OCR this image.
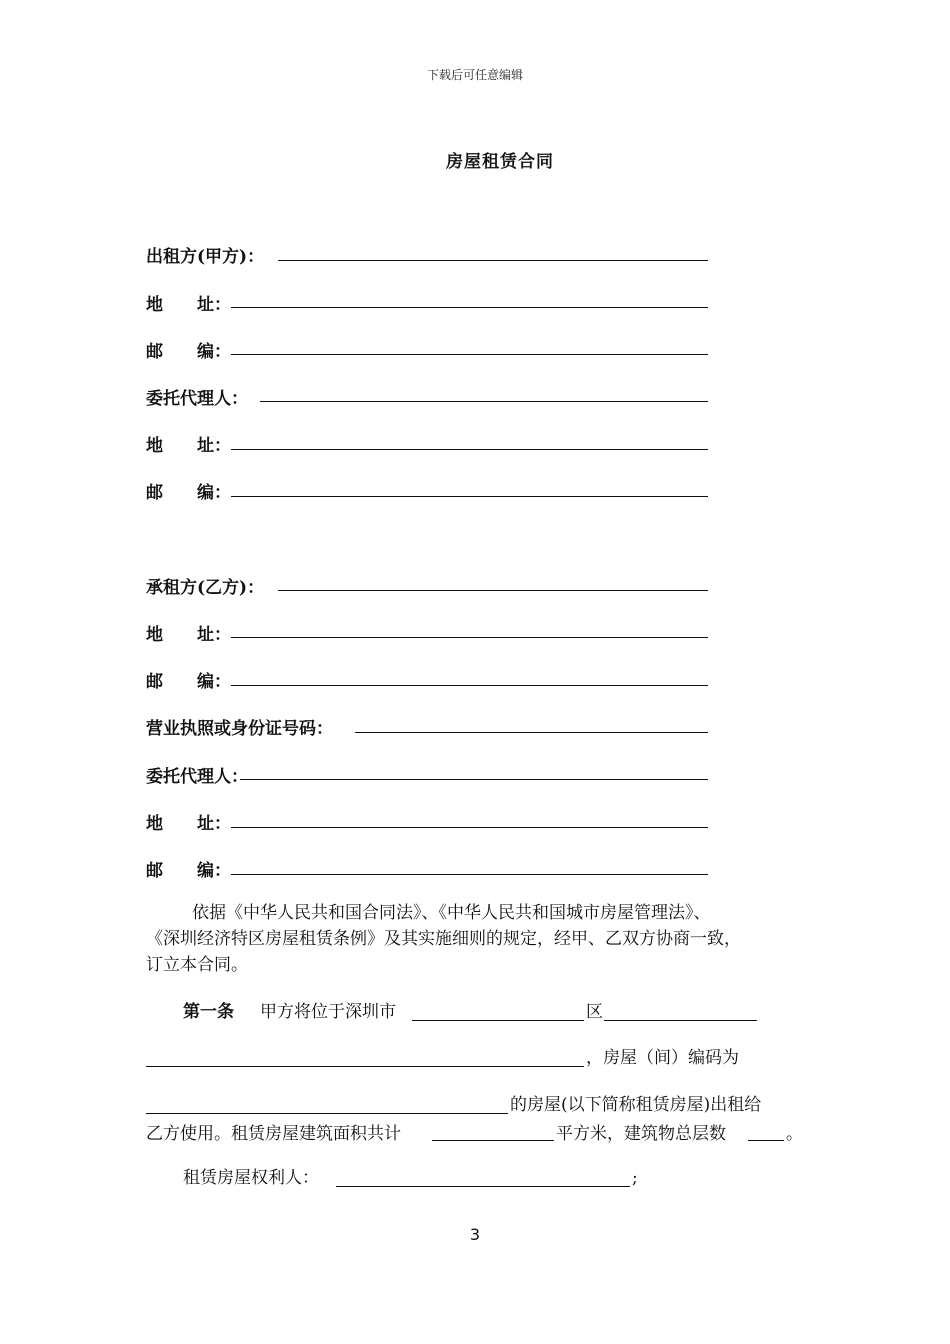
下载后可任意编辑
房屋租赁合同
出租方(甲方)：
地　　址：
邮　　编：
委托代理人：
地　　址：
邮　　编：
承租方(乙方)：
地　　址：
邮　　编：
营业执照或身份证号码：
委托代理人：
地　　址：
邮　　编：
依据《中华人民共和国合同法》、《中华人民共和国城市房屋管理法》、
《深圳经济特区房屋租赁条例》及其实施细则的规定，经甲、乙双方协商一致，
订立本合同。
第一条 甲方将位于深圳市	区
，房屋（间）编码为
的房屋(以下简称租赁房屋)出租给
乙方使用。租赁房屋建筑面积共计	平方米，建筑物总层数	。
租赁房屋权利人：	;
3
